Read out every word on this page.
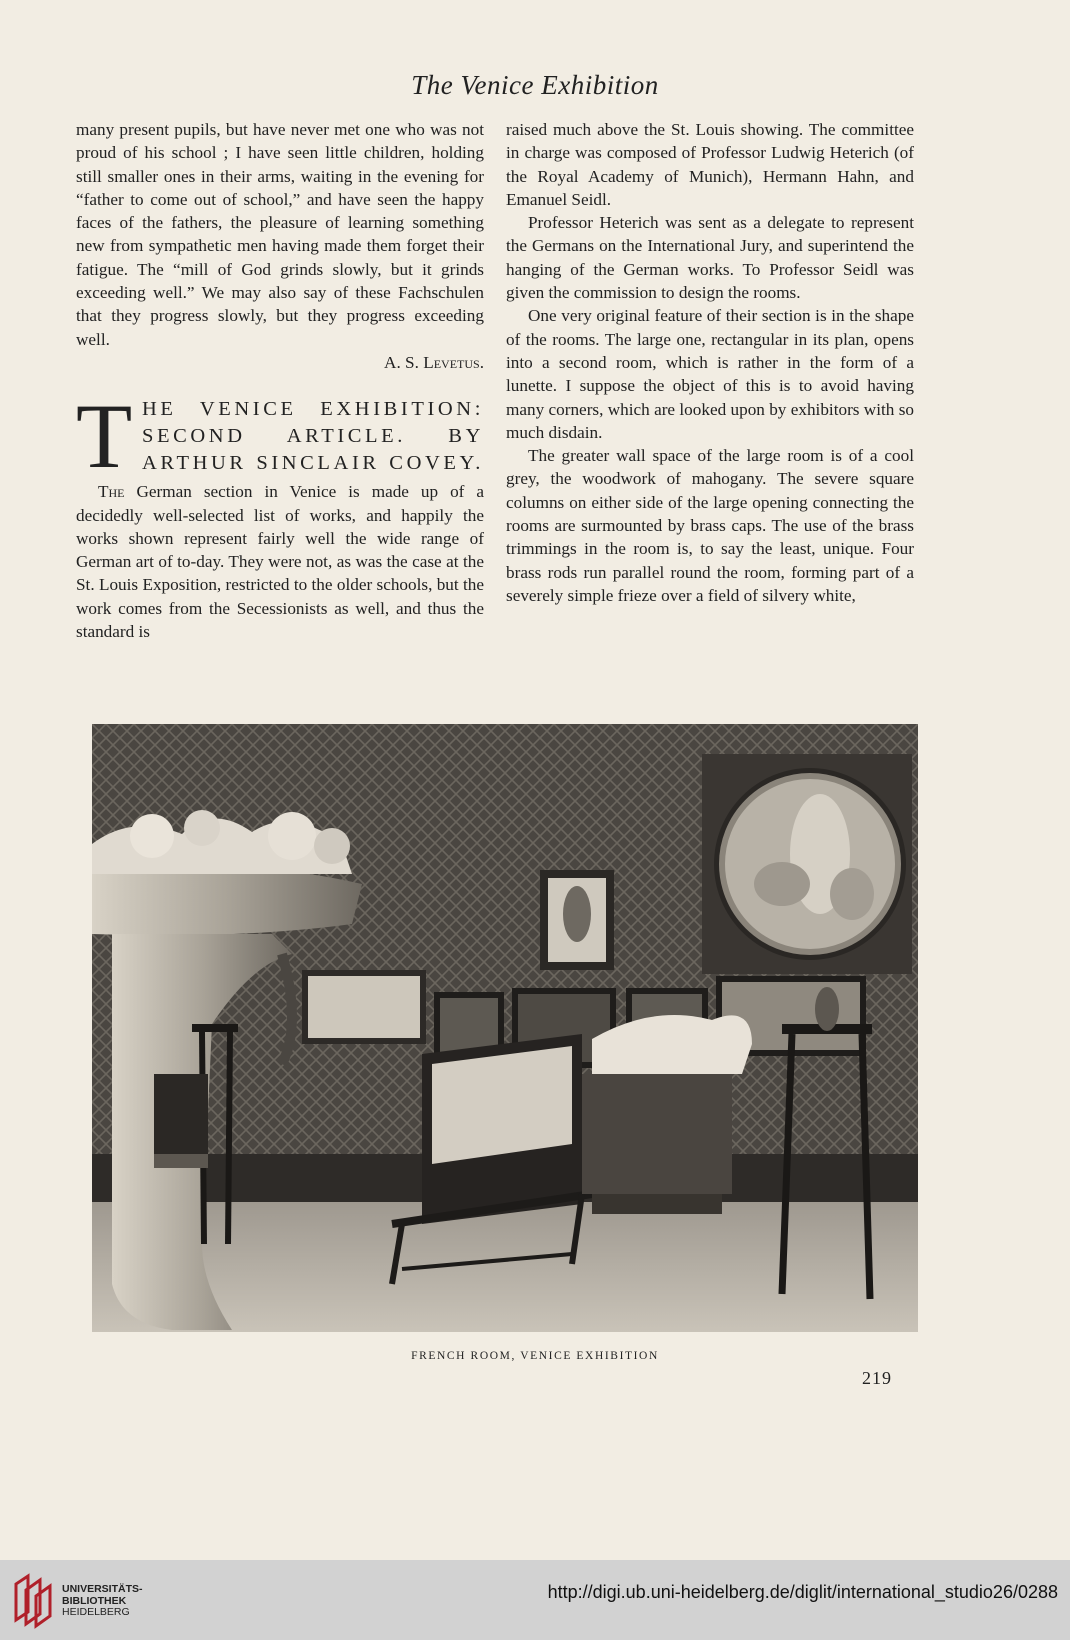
The Venice Exhibition

many present pupils, but have never met one who was not proud of his school ; I have seen little children, holding still smaller ones in their arms, waiting in the evening for “father to come out of school,” and have seen the happy faces of the fathers, the pleasure of learning something new from sympathetic men having made them forget their fatigue. The “mill of God grinds slowly, but it grinds exceeding well.” We may also say of these Fachschulen that they progress slowly, but they progress exceeding well.

A. S. Levetus.

T HE VENICE EXHIBITION:
SECOND ARTICLE. BY
ARTHUR SINCLAIR COVEY.

The German section in Venice is made up of a decidedly well-selected list of works, and happily the works shown represent fairly well the wide range of German art of to-day. They were not, as was the case at the St. Louis Exposition, restricted to the older schools, but the work comes from the Secessionists as well, and thus the standard is

raised much above the St. Louis showing. The committee in charge was composed of Professor Ludwig Heterich (of the Royal Academy of Munich), Hermann Hahn, and Emanuel Seidl.

Professor Heterich was sent as a delegate to represent the Germans on the International Jury, and superintend the hanging of the German works. To Professor Seidl was given the commission to design the rooms.

One very original feature of their section is in the shape of the rooms. The large one, rectangular in its plan, opens into a second room, which is rather in the form of a lunette. I suppose the object of this is to avoid having many corners, which are looked upon by exhibitors with so much disdain.

The greater wall space of the large room is of a cool grey, the woodwork of mahogany. The severe square columns on either side of the large opening connecting the rooms are surmounted by brass caps. The use of the brass trimmings in the room is, to say the least, unique. Four brass rods run parallel round the room, forming part of a severely simple frieze over a field of silvery white,

FRENCH ROOM, VENICE EXHIBITION
219
UNIVERSITÄTS-
BIBLIOTHEK
HEIDELBERG
http://digi.ub.uni-heidelberg.de/diglit/international_studio26/0288
